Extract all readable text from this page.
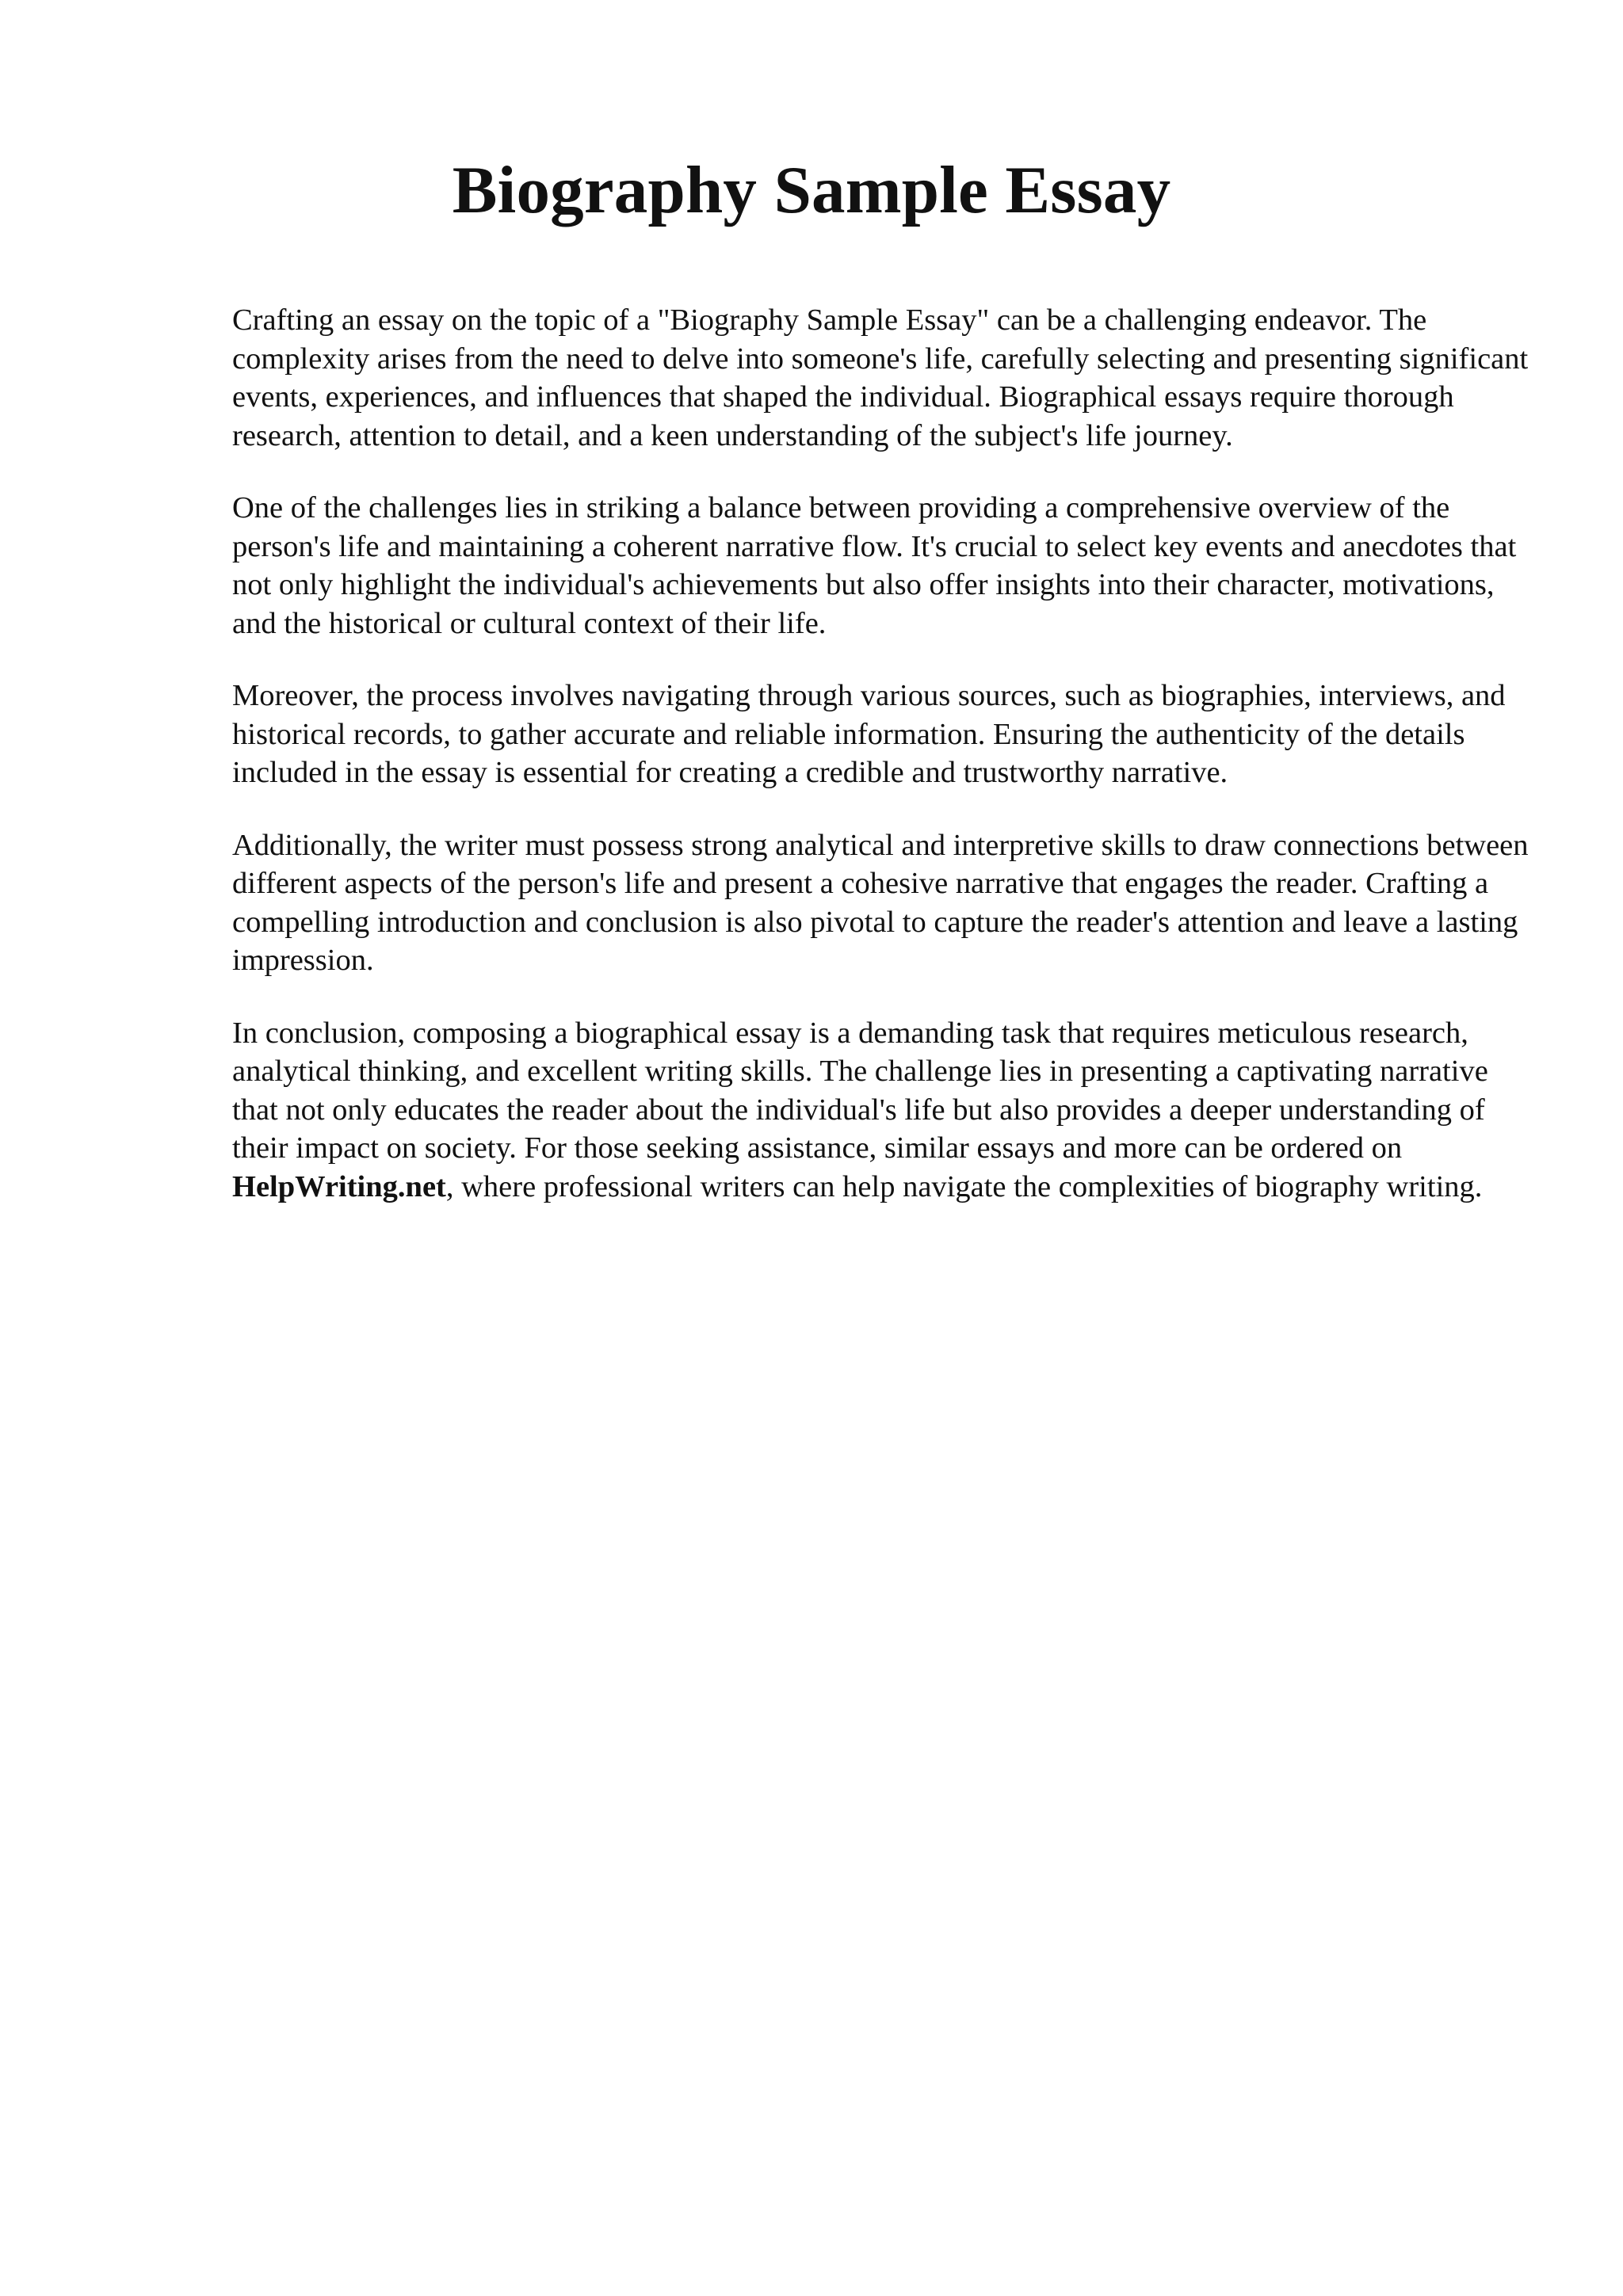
Biography Sample Essay

Crafting an essay on the topic of a "Biography Sample Essay" can be a challenging endeavor. The complexity arises from the need to delve into someone's life, carefully selecting and presenting significant events, experiences, and influences that shaped the individual. Biographical essays require thorough research, attention to detail, and a keen understanding of the subject's life journey.

One of the challenges lies in striking a balance between providing a comprehensive overview of the person's life and maintaining a coherent narrative flow. It's crucial to select key events and anecdotes that not only highlight the individual's achievements but also offer insights into their character, motivations, and the historical or cultural context of their life.

Moreover, the process involves navigating through various sources, such as biographies, interviews, and historical records, to gather accurate and reliable information. Ensuring the authenticity of the details included in the essay is essential for creating a credible and trustworthy narrative.

Additionally, the writer must possess strong analytical and interpretive skills to draw connections between different aspects of the person's life and present a cohesive narrative that engages the reader. Crafting a compelling introduction and conclusion is also pivotal to capture the reader's attention and leave a lasting impression.

In conclusion, composing a biographical essay is a demanding task that requires meticulous research, analytical thinking, and excellent writing skills. The challenge lies in presenting a captivating narrative that not only educates the reader about the individual's life but also provides a deeper understanding of their impact on society. For those seeking assistance, similar essays and more can be ordered on HelpWriting.net, where professional writers can help navigate the complexities of biography writing.
